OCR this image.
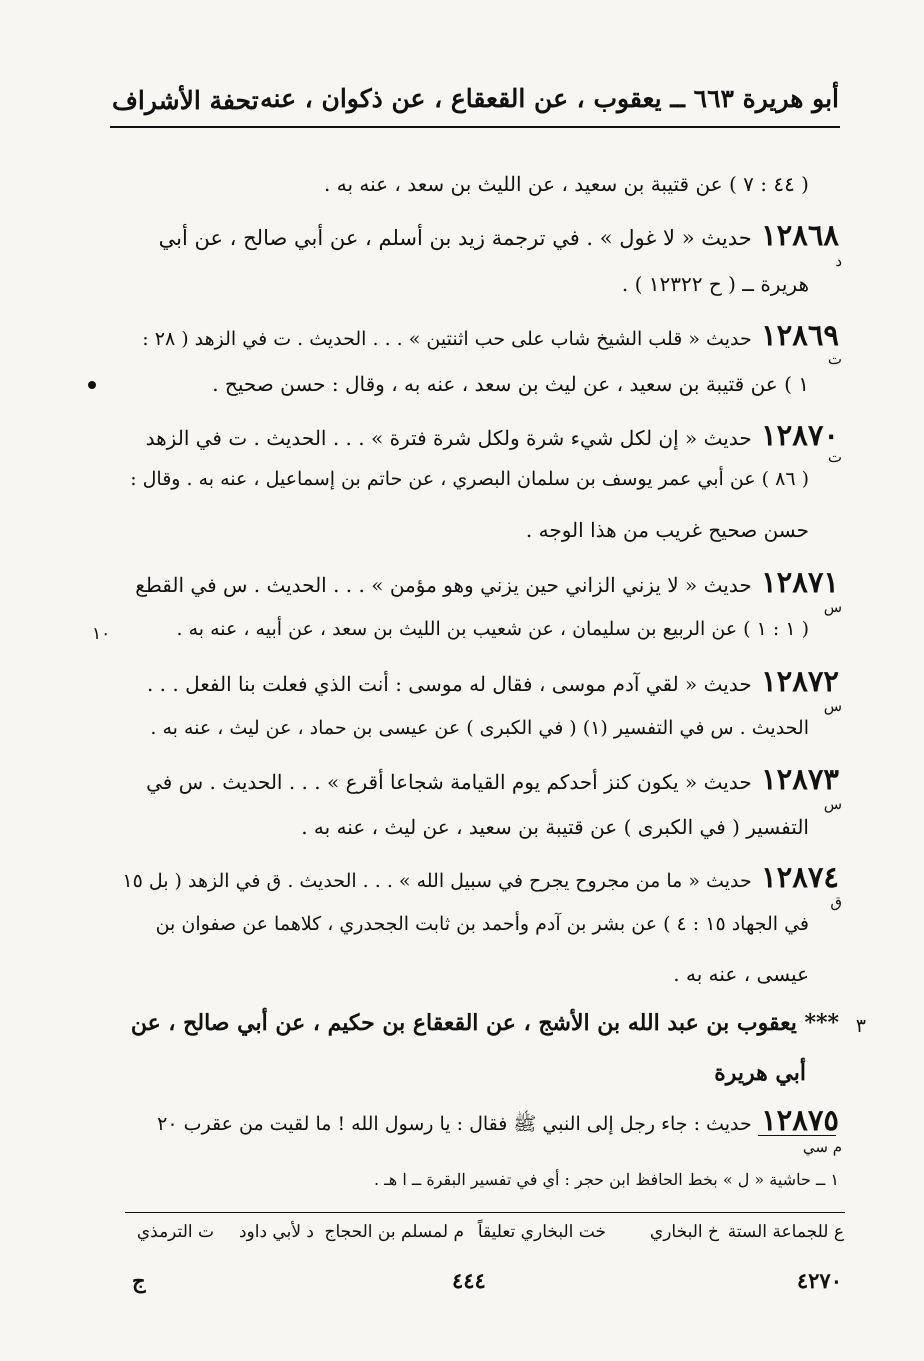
أبو هريرة ٦٦٣ ــ يعقوب ، عن القعقاع ، عن ذكوان ، عنه
تحفة الأشراف
( ٤٤ : ٧ ) عن قتيبة بن سعيد ، عن الليث بن سعد ، عنه به .
١٢٨٦٨ حديث « لا غول » . في ترجمة زيد بن أسلم ، عن أبي صالح ، عن أبي
د
هريرة ــ ( ح ١٢٣٢٢ ) .
١٢٨٦٩ حديث « قلب الشيخ شاب على حب اثنتين » . . . الحديث . ت في الزهد ( ٢٨ :
ت
١ ) عن قتيبة بن سعيد ، عن ليث بن سعد ، عنه به ، وقال : حسن صحيح .
١٢٨٧٠ حديث « إن لكل شيء شرة ولكل شرة فترة » . . . الحديث . ت في الزهد
ت
( ٨٦ ) عن أبي عمر يوسف بن سلمان البصري ، عن حاتم بن إسماعيل ، عنه به . وقال :
حسن صحيح غريب من هذا الوجه .
١٢٨٧١ حديث « لا يزني الزاني حين يزني وهو مؤمن » . . . الحديث . س في القطع
س
( ١ : ١ ) عن الربيع بن سليمان ، عن شعيب بن الليث بن سعد ، عن أبيه ، عنه به .
١٠
١٢٨٧٢ حديث « لقي آدم موسى ، فقال له موسى : أنت الذي فعلت بنا الفعل . . .
س
الحديث . س في التفسير (١) ( في الكبرى ) عن عيسى بن حماد ، عن ليث ، عنه به .
١٢٨٧٣ حديث « يكون كنز أحدكم يوم القيامة شجاعا أقرع » . . . الحديث . س في
س
التفسير ( في الكبرى ) عن قتيبة بن سعيد ، عن ليث ، عنه به .
١٢٨٧٤ حديث « ما من مجروح يجرح في سبيل الله » . . . الحديث . ق في الزهد ( بل ١٥
ق
في الجهاد ١٥ : ٤ ) عن بشر بن آدم وأحمد بن ثابت الجحدري ، كلاهما عن صفوان بن
عيسى ، عنه به .
٣
*** يعقوب بن عبد الله بن الأشج ، عن القعقاع بن حكيم ، عن أبي صالح ، عن
أبي هريرة
١٢٨٧٥ حديث : جاء رجل إلى النبي ﷺ فقال : يا رسول الله ! ما لقيت من عقرب ٢٠
م سي
١ ــ حاشية « ل » بخط الحافظ ابن حجر : أي في تفسير البقرة ــ ا هـ .
ع للجماعة الستة
خ البخاري
خت البخاري تعليقاً
م لمسلم بن الحجاج
د لأبي داود
ت الترمذي
٤٢٧٠
٤٤٤
ج
